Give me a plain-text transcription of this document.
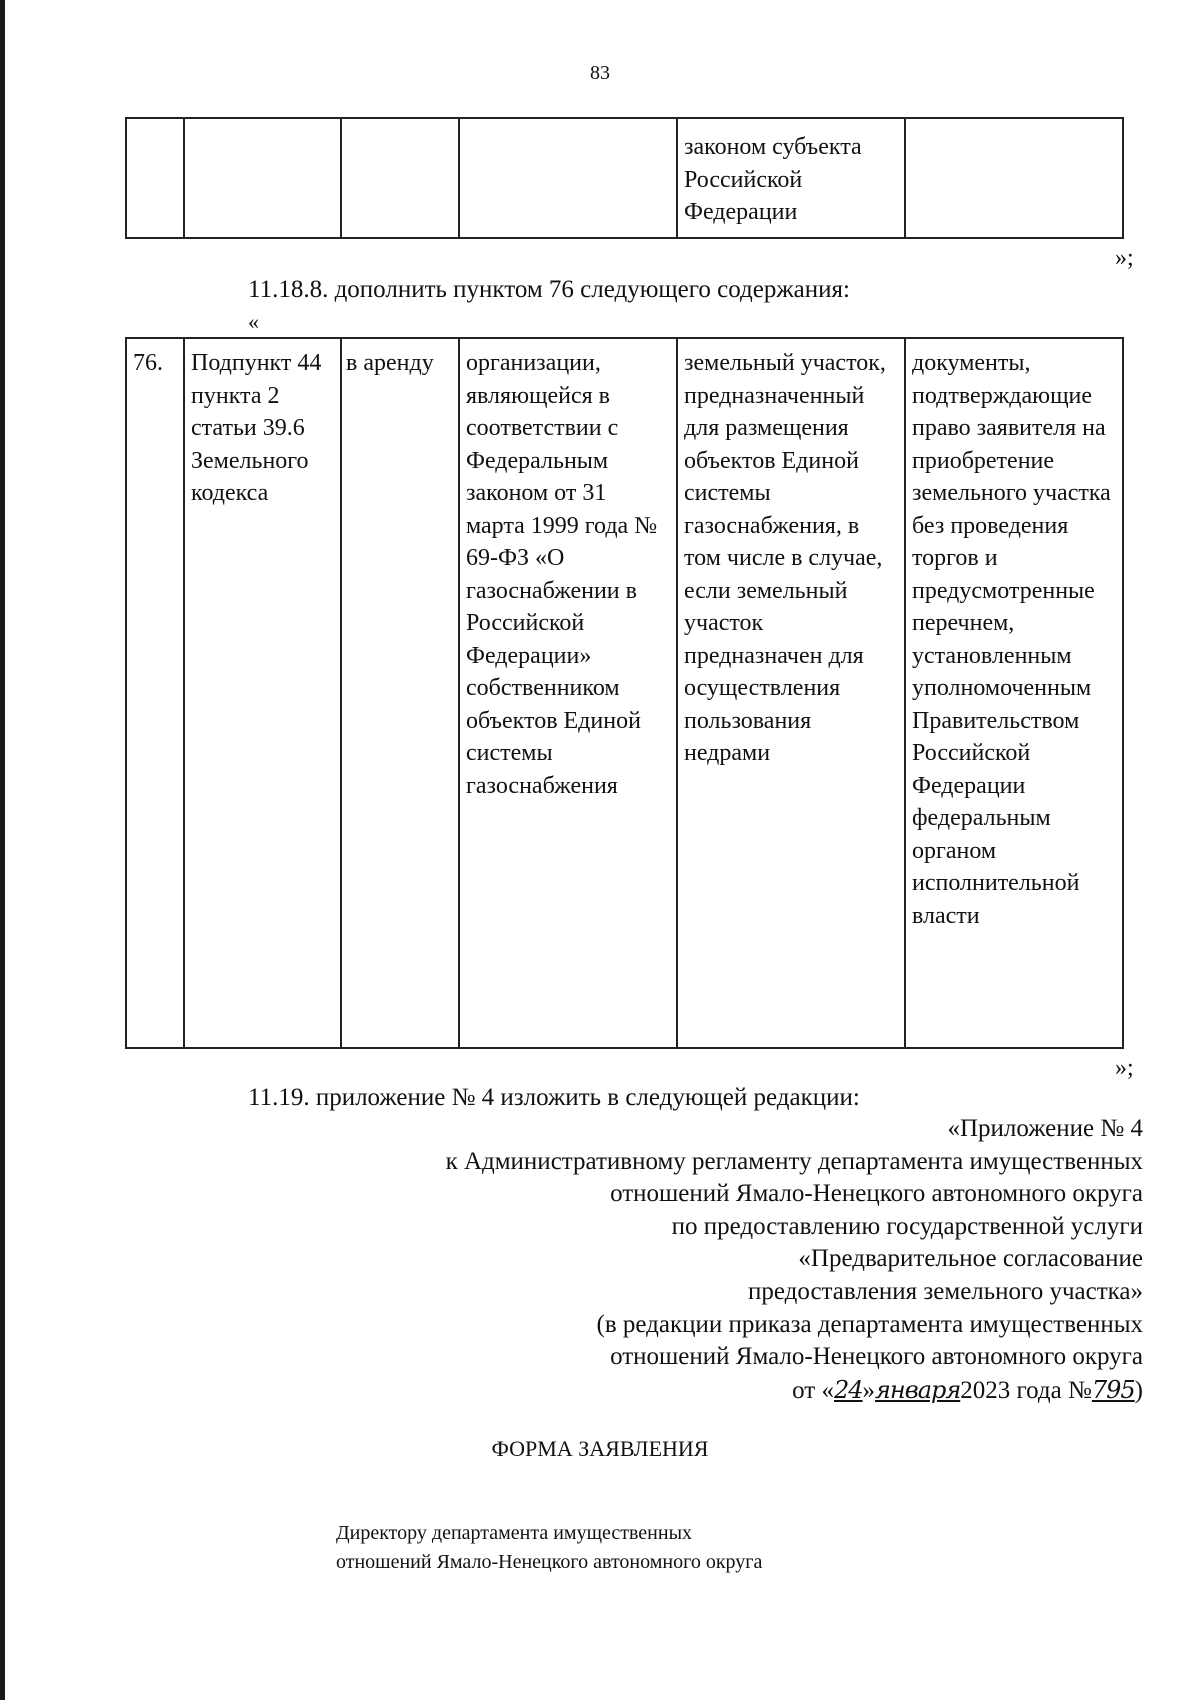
83
				законом субъекта Российской Федерации	
»;
11.18.8. дополнить пунктом 76 следующего содержания:
«
76.	Подпункт 44 пункта 2 статьи 39.6 Земельного кодекса	в аренду	организации, являющейся в соответствии с Федеральным законом от 31 марта 1999 года № 69-ФЗ «О газоснабжении в Российской Федерации» собственником объектов Единой системы газоснабжения	земельный участок, предназначенный для размещения объектов Единой системы газоснабжения, в том числе в случае, если земельный участок предназначен для осуществления пользования недрами	документы, подтверждающие право заявителя на приобретение земельного участка без проведения торгов и предусмотренные перечнем, установленным уполномоченным Правительством Российской Федерации федеральным органом исполнительной власти
»;
11.19. приложение № 4 изложить в следующей редакции:
«Приложение № 4
к Административному регламенту департамента имущественных
отношений Ямало-Ненецкого автономного округа
по предоставлению государственной услуги
«Предварительное согласование
предоставления земельного участка»
(в редакции приказа департамента имущественных
отношений Ямало-Ненецкого автономного округа
от «24»января2023 года №795)
ФОРМА ЗАЯВЛЕНИЯ
Директору департамента имущественных
отношений Ямало-Ненецкого автономного округа
